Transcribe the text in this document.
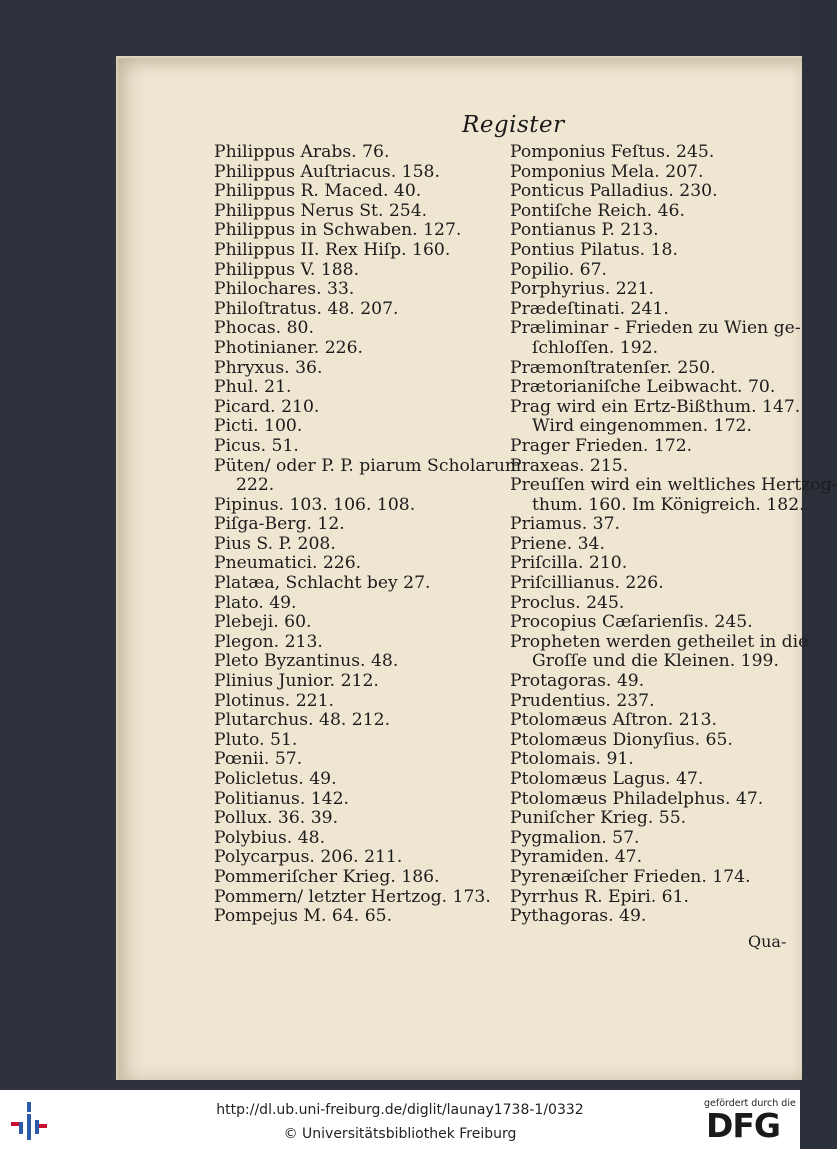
Register
Philippus Arabs. 76.
Philippus Auſtriacus. 158.
Philippus R. Maced. 40.
Philippus Nerus St. 254.
Philippus in Schwaben. 127.
Philippus II. Rex Hiſp. 160.
Philippus V. 188.
Philochares. 33.
Philoſtratus. 48. 207.
Phocas. 80.
Photinianer. 226.
Phryxus. 36.
Phul. 21.
Picard. 210.
Picti. 100.
Picus. 51.
Püten/ oder P. P. piarum Scholarum
222.
Pipinus. 103. 106. 108.
Piſga-Berg. 12.
Pius S. P. 208.
Pneumatici. 226.
Platæa, Schlacht bey 27.
Plato. 49.
Plebeji. 60.
Plegon. 213.
Pleto Byzantinus. 48.
Plinius Junior. 212.
Plotinus. 221.
Plutarchus. 48. 212.
Pluto. 51.
Pœnii. 57.
Policletus. 49.
Politianus. 142.
Pollux. 36. 39.
Polybius. 48.
Polycarpus. 206. 211.
Pommeriſcher Krieg. 186.
Pommern/ letzter Hertzog. 173.
Pompejus M. 64. 65.
Pomponius Feſtus. 245.
Pomponius Mela. 207.
Ponticus Palladius. 230.
Pontiſche Reich. 46.
Pontianus P. 213.
Pontius Pilatus. 18.
Popilio. 67.
Porphyrius. 221.
Prædeſtinati. 241.
Præliminar - Frieden zu Wien ge-
ſchloſſen. 192.
Præmonſtratenſer. 250.
Prætorianiſche Leibwacht. 70.
Prag wird ein Ertz-Bißthum. 147.
Wird eingenommen. 172.
Prager Frieden. 172.
Praxeas. 215.
Preuſſen wird ein weltliches Hertzog-
thum. 160. Im Königreich. 182.
Priamus. 37.
Priene. 34.
Priſcilla. 210.
Priſcillianus. 226.
Proclus. 245.
Procopius Cæſarienſis. 245.
Propheten werden getheilet in die
Groſſe und die Kleinen. 199.
Protagoras. 49.
Prudentius. 237.
Ptolomæus Aſtron. 213.
Ptolomæus Dionyſius. 65.
Ptolomais. 91.
Ptolomæus Lagus. 47.
Ptolomæus Philadelphus. 47.
Puniſcher Krieg. 55.
Pygmalion. 57.
Pyramiden. 47.
Pyrenæiſcher Frieden. 174.
Pyrrhus R. Epiri. 61.
Pythagoras. 49.
Qua-
http://dl.ub.uni-freiburg.de/diglit/launay1738-1/0332
© Universitätsbibliothek Freiburg
gefördert durch die
DFG
